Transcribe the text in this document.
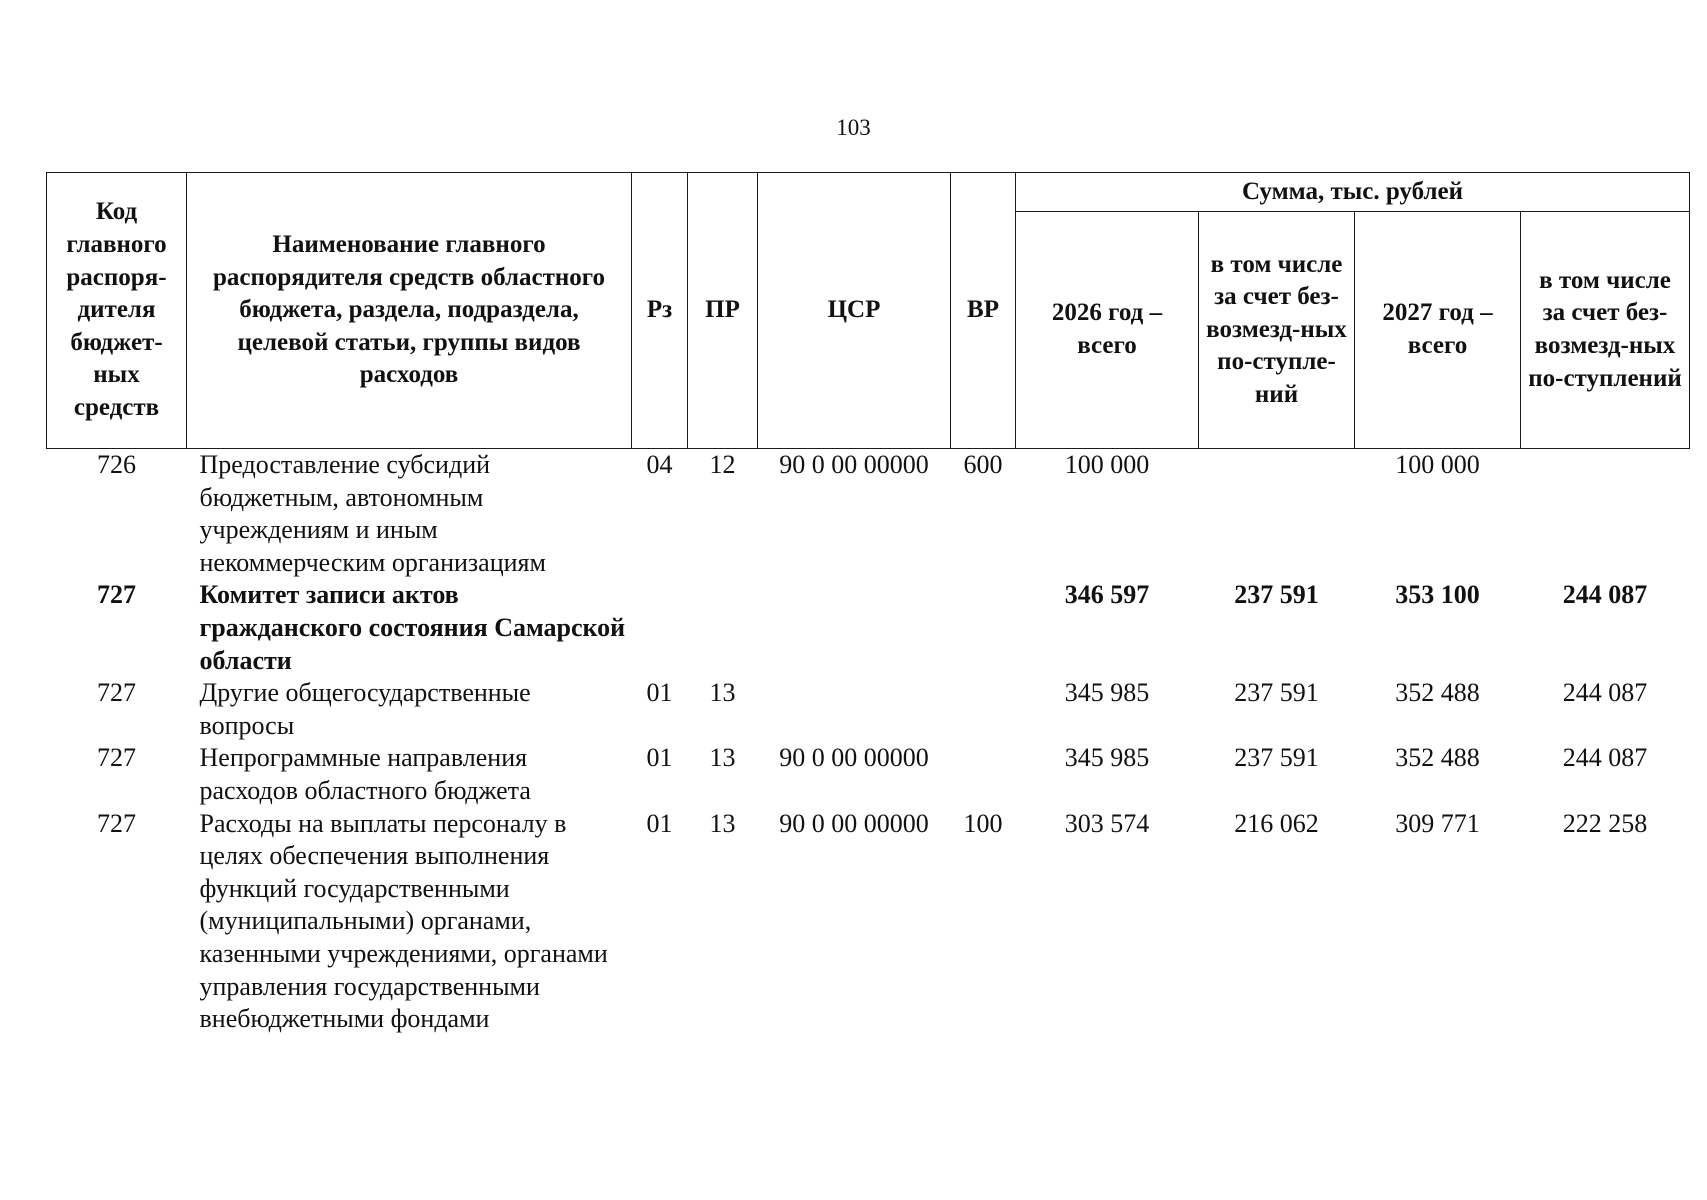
103
Код главного распоря-дителя бюджет-ных средств	Наименование главного распорядителя средств областного бюджета, раздела, подраздела, целевой статьи, группы видов расходов	Рз	ПР	ЦСР	ВР	Сумма, тыс. рублей			
						2026 год – всего	в том числе за счет без-возмезд-ных по-ступле-ний	2027 год – всего	в том числе за счет без-возмезд-ных по-ступлений
726	Предоставление субсидий бюджетным, автономным учреждениям и иным некоммерческим организациям	04	12	90 0 00 00000	600	100 000		100 000	
727	Комитет записи актов гражданского состояния Самарской области					346 597	237 591	353 100	244 087
727	Другие общегосударственные вопросы	01	13			345 985	237 591	352 488	244 087
727	Непрограммные направления расходов областного бюджета	01	13	90 0 00 00000		345 985	237 591	352 488	244 087
727	Расходы на выплаты персоналу в целях обеспечения выполнения функций государственными (муниципальными) органами, казенными учреждениями, органами управления государственными внебюджетными фондами	01	13	90 0 00 00000	100	303 574	216 062	309 771	222 258
